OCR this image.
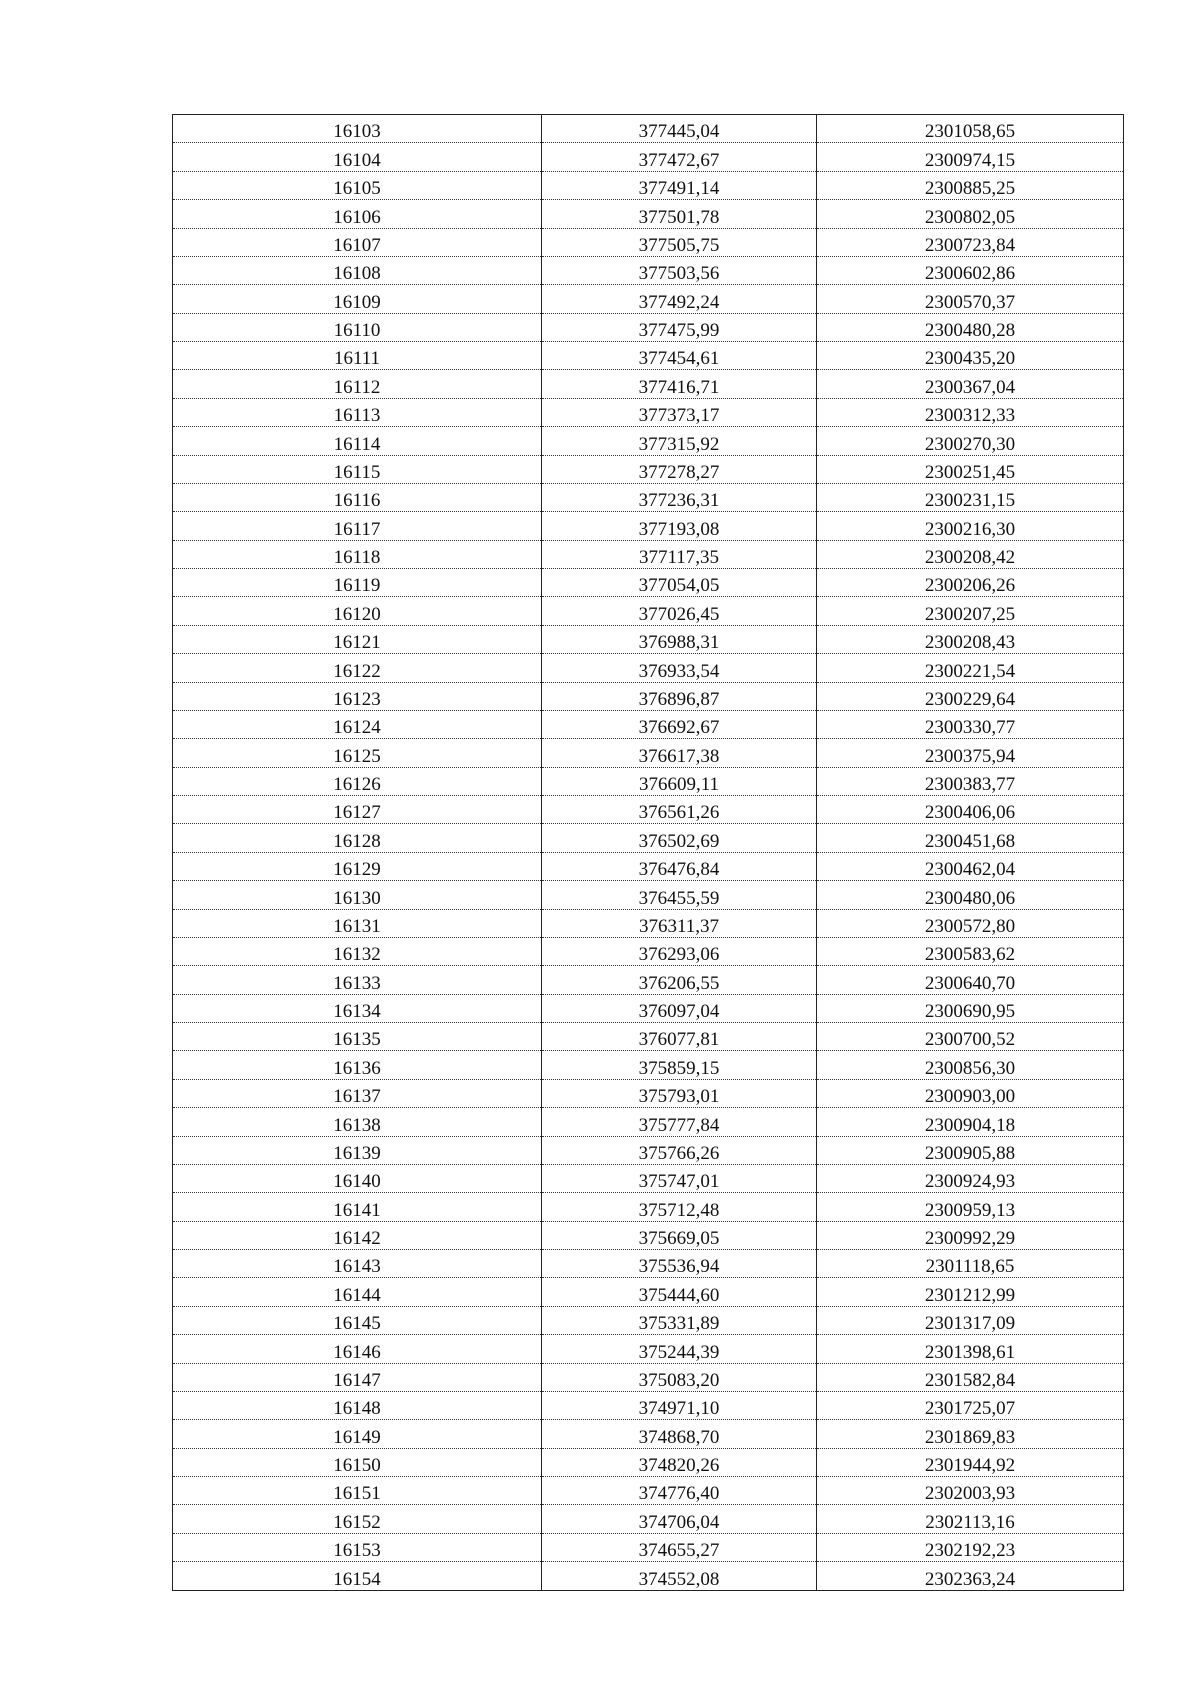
16103	377445,04	2301058,65
16104	377472,67	2300974,15
16105	377491,14	2300885,25
16106	377501,78	2300802,05
16107	377505,75	2300723,84
16108	377503,56	2300602,86
16109	377492,24	2300570,37
16110	377475,99	2300480,28
16111	377454,61	2300435,20
16112	377416,71	2300367,04
16113	377373,17	2300312,33
16114	377315,92	2300270,30
16115	377278,27	2300251,45
16116	377236,31	2300231,15
16117	377193,08	2300216,30
16118	377117,35	2300208,42
16119	377054,05	2300206,26
16120	377026,45	2300207,25
16121	376988,31	2300208,43
16122	376933,54	2300221,54
16123	376896,87	2300229,64
16124	376692,67	2300330,77
16125	376617,38	2300375,94
16126	376609,11	2300383,77
16127	376561,26	2300406,06
16128	376502,69	2300451,68
16129	376476,84	2300462,04
16130	376455,59	2300480,06
16131	376311,37	2300572,80
16132	376293,06	2300583,62
16133	376206,55	2300640,70
16134	376097,04	2300690,95
16135	376077,81	2300700,52
16136	375859,15	2300856,30
16137	375793,01	2300903,00
16138	375777,84	2300904,18
16139	375766,26	2300905,88
16140	375747,01	2300924,93
16141	375712,48	2300959,13
16142	375669,05	2300992,29
16143	375536,94	2301118,65
16144	375444,60	2301212,99
16145	375331,89	2301317,09
16146	375244,39	2301398,61
16147	375083,20	2301582,84
16148	374971,10	2301725,07
16149	374868,70	2301869,83
16150	374820,26	2301944,92
16151	374776,40	2302003,93
16152	374706,04	2302113,16
16153	374655,27	2302192,23
16154	374552,08	2302363,24
